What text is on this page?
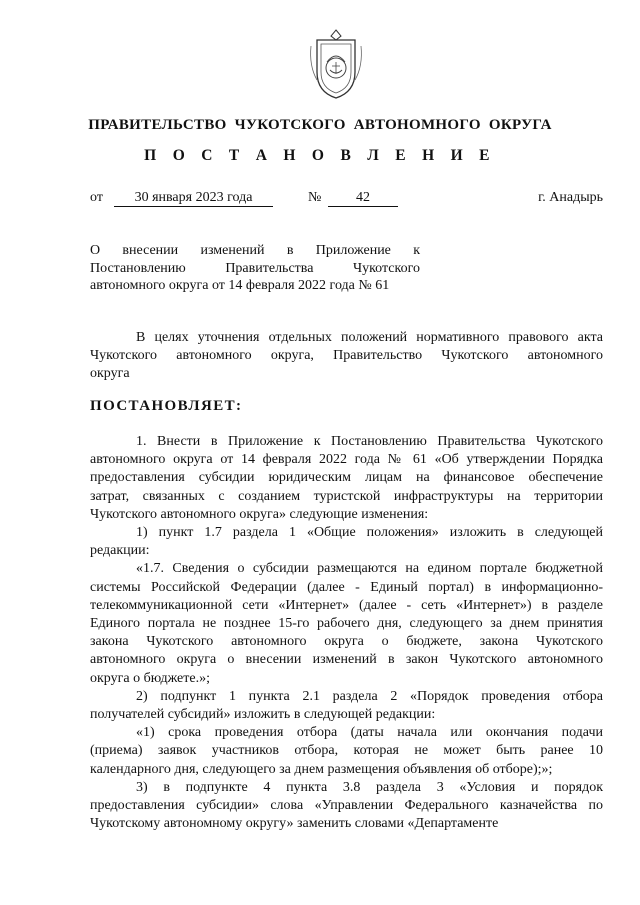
ПРАВИТЕЛЬСТВО ЧУКОТСКОГО АВТОНОМНОГО ОКРУГА
П О С Т А Н О В Л Е Н И Е
от	30 января 2023 года	№	42	г. Анадырь
О внесении изменений в Приложение к
Постановлению Правительства Чукотского
автономного округа от 14 февраля 2022 года № 61
В целях уточнения отдельных положений нормативного правового акта
Чукотского автономного округа, Правительство Чукотского автономного
округа
ПОСТАНОВЛЯЕТ:
1. Внести в Приложение к Постановлению Правительства Чукотского
автономного округа от 14 февраля 2022 года № 61 «Об утверждении Порядка
предоставления субсидии юридическим лицам на финансовое обеспечение
затрат, связанных с созданием туристской инфраструктуры на территории
Чукотского автономного округа» следующие изменения:
1) пункт 1.7 раздела 1 «Общие положения» изложить в следующей
редакции:
«1.7. Сведения о субсидии размещаются на едином портале бюджетной
системы Российской Федерации (далее - Единый портал) в информационно-
телекоммуникационной сети «Интернет» (далее - сеть «Интернет») в разделе
Единого портала не позднее 15-го рабочего дня, следующего за днем принятия
закона Чукотского автономного округа о бюджете, закона Чукотского
автономного округа о внесении изменений в закон Чукотского автономного
округа о бюджете.»;
2) подпункт 1 пункта 2.1 раздела 2 «Порядок проведения отбора
получателей субсидий» изложить в следующей редакции:
«1) срока проведения отбора (даты начала или окончания подачи
(приема) заявок участников отбора, которая не может быть ранее 10
календарного дня, следующего за днем размещения объявления об отборе);»;
3) в подпункте 4 пункта 3.8 раздела 3 «Условия и порядок
предоставления субсидии» слова «Управлении Федерального казначейства по
Чукотскому автономному округу» заменить словами «Департаменте
